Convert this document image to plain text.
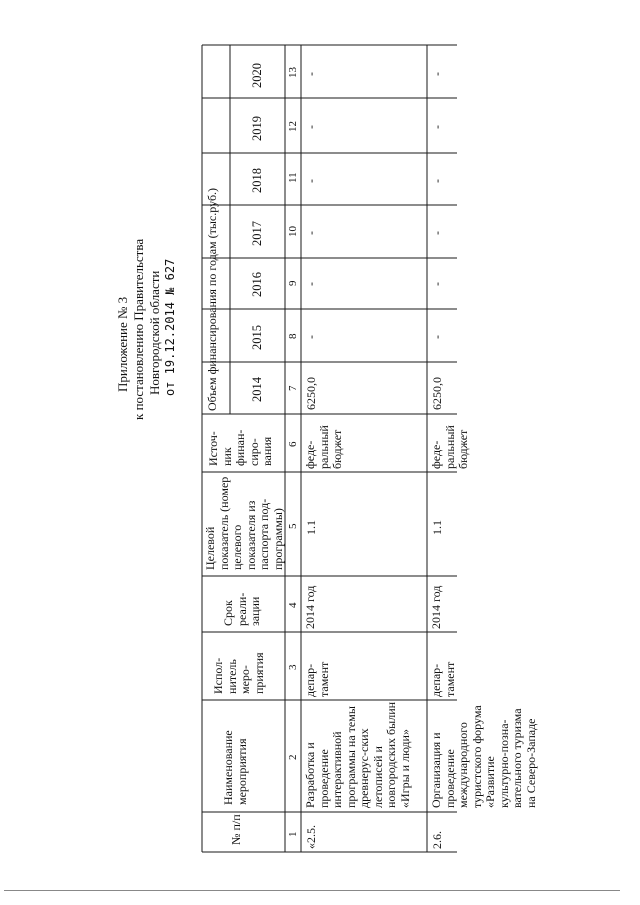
Приложение № 3 к постановлению Правительства Новгородской области от 19.12.2014 № 627 Объем финансирования по годам (тыс.руб.)
2020
2019
2018
2017
2016
2015
2014
Источ-ник финан-сиро-вания
Целевой показатель (номер целевого показателя из паспорта под-программы)
Срок реали-зации
Испол-нитель меро-приятия
Наименование мероприятия
№ п/п
13
12
11
10
9
8
7
6
5
4
3
2
1 «2.5.
Разработка и проведение интерактивной программы на темы древнерус-ских летописей и новгородских былин «Игры и люди»
депар-тамент
2014 год
1.1
феде-ральный бюджет
6250,0
-
-
-
-
-
-
2.6.
Организация и проведение международного туристского форума «Развитие культурно-позна-вательного туризма на Северо-Западе
депар-тамент
2014 год
1.1
феде-ральный бюджет
6250,0
-
-
-
-
-
-
